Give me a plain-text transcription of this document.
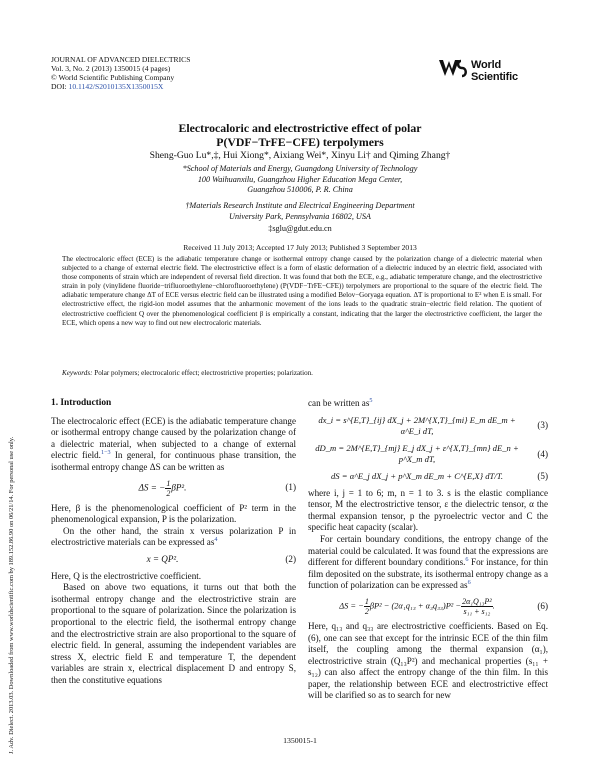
JOURNAL OF ADVANCED DIELECTRICS
Vol. 3, No. 2 (2013) 1350015 (4 pages)
© World Scientific Publishing Company
DOI: 10.1142/S2010135X1350015X
World Scientific
Electrocaloric and electrostrictive effect of polar
P(VDF−TrFE−CFE) terpolymers
Sheng-Guo Lu*,‡, Hui Xiong*, Aixiang Wei*, Xinyu Li† and Qiming Zhang†
*School of Materials and Energy, Guangdong University of Technology
100 Waihuanxilu, Guangzhou Higher Education Mega Center,
Guangzhou 510006, P. R. China
†Materials Research Institute and Electrical Engineering Department
University Park, Pennsylvania 16802, USA
‡sglu@gdut.edu.cn
Received 11 July 2013; Accepted 17 July 2013; Published 3 September 2013

The electrocaloric effect (ECE) is the adiabatic temperature change or isothermal entropy change caused by the polarization change of a dielectric material when subjected to a change of external electric field. The electrostrictive effect is a form of elastic deformation of a dielectric induced by an electric field, associated with those components of strain which are independent of reversal field direction. It was found that both the ECE, e.g., adiabatic temperature change, and the electrostrictive strain in poly (vinylidene fluoride−trifluoroethylene−chlorofluoroethylene) (P(VDF−TrFE−CFE)) terpolymers are proportional to the square of the electric field. The adiabatic temperature change ΔT of ECE versus electric field can be illustrated using a modified Belov−Goryaga equation. ΔT is proportional to E² when E is small. For electrostrictive effect, the rigid-ion model assumes that the anharmonic movement of the ions leads to the quadratic strain−electric field relation. The quotient of electrostrictive coefficient Q over the phenomenological coefficient β is empirically a constant, indicating that the larger the electrostrictive coefficient, the larger the ECE, which opens a new way to find out new electrocaloric materials.

Keywords: Polar polymers; electrocaloric effect; electrostrictive properties; polarization.
J. Adv. Dielect. 2013.03. Downloaded from www.worldscientific.com by 189.152.86.90 on 06/21/14. For personal use only.
1. Introduction

The electrocaloric effect (ECE) is the adiabatic temperature change or isothermal entropy change caused by the polarization change of a dielectric material, when subjected to a change of external electric field.$^{1-3}$ In general, for continuous phase transition, the isothermal entropy change ΔS can be written as

ΔS = − $\frac{1}{2} \beta P^2$.	(1)

Here, β is the phenomenological coefficient of P² term in the phenomenological expansion, P is the polarization.

On the other hand, the strain x versus polarization P in electrostrictive materials can be expressed as$^4$

x = QP².	(2)

Here, Q is the electrostrictive coefficient.

Based on above two equations, it turns out that both the isothermal entropy change and the electrostrictive strain are proportional to the square of polarization. Since the polarization is proportional to the electric field, the isothermal entropy change and the electrostrictive strain are also proportional to the square of electric field. In general, assuming the independent variables are stress X, electric field E and temperature T, the dependent variables are strain x, electrical displacement D and entropy S, then the constitutive equations

can be written as$^5$

dx_i = s^{E,T}_{ij} dX_j + 2M^{X,T}_{mi} E_m dE_m + α^E_i dT,
(3)
dD_m = 2M^{E,T}_{mj} E_j dX_j + ε^{X,T}_{mn} dE_n + p^X_m dT,
(4)
dS = α^E_j dX_j + p^X_m dE_m + C^{E,X} dT/T.	(5)

where i, j = 1 to 6; m, n = 1 to 3. s is the elastic compliance tensor, M the electrostrictive tensor, ε the dielectric tensor, α the thermal expansion tensor, p the pyroelectric vector and C the specific heat capacity (scalar).

For certain boundary conditions, the entropy change of the material could be calculated. It was found that the expressions are different for different boundary conditions.$^6$ For instance, for thin film deposited on the substrate, its isothermal entropy change as a function of polarization can be expressed as$^6$

ΔS = − $\frac{1}{2} \beta P^2 - (2\alpha_1q_{13} + \alpha_3q_{33})P^2 - \frac{\text{2α₁Q₁₃P²}}{\text{s₁₁ + s₁₂}}$ .	(6)

Here, q₁₃ and q₃₃ are electrostrictive coefficients. Based on Eq. (6), one can see that except for the intrinsic ECE of the thin film itself, the coupling among the thermal expansion (α₁), electrostrictive strain (Q₁₃P²) and mechanical properties (s₁₁ + s₁₂) can also affect the entropy change of the thin film. In this paper, the relationship between ECE and electrostrictive effect will be clarified so as to search for new

1350015-1
